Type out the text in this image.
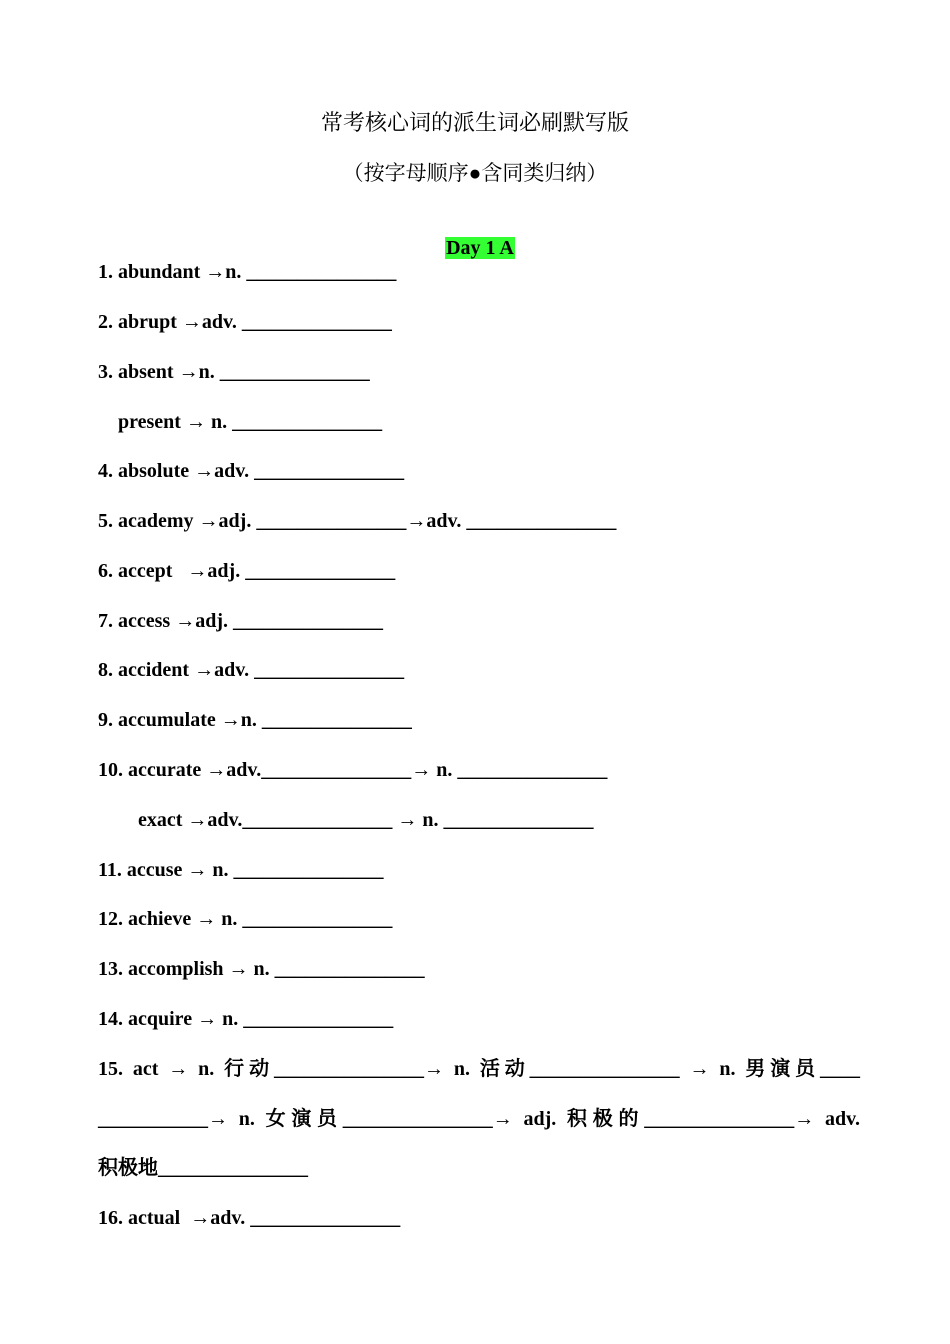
常考核心词的派生词必刷默写版
（按字母顺序●含同类归纳）

Day 1 A

1. abundant →n. _______________
2. abrupt →adv. _______________
3. absent →n. _______________
present → n. _______________
4. absolute →adv. _______________
5. academy →adj. _______________→adv. _______________
6. accept   →adj. _______________
7. access →adj. _______________
8. accident →adv. _______________
9. accumulate →n. _______________
10. accurate →adv._______________→ n. _______________
exact →adv._______________ → n. _______________
11. accuse → n. _______________
12. achieve → n. _______________
13. accomplish → n. _______________
14. acquire → n. _______________
15. act → n. 行动_______________→ n. 活动_______________ → n. 男演员____
___________→ n. 女演员_______________→ adj. 积极的_______________→ adv.
积极地_______________
16. actual  →adv. _______________
